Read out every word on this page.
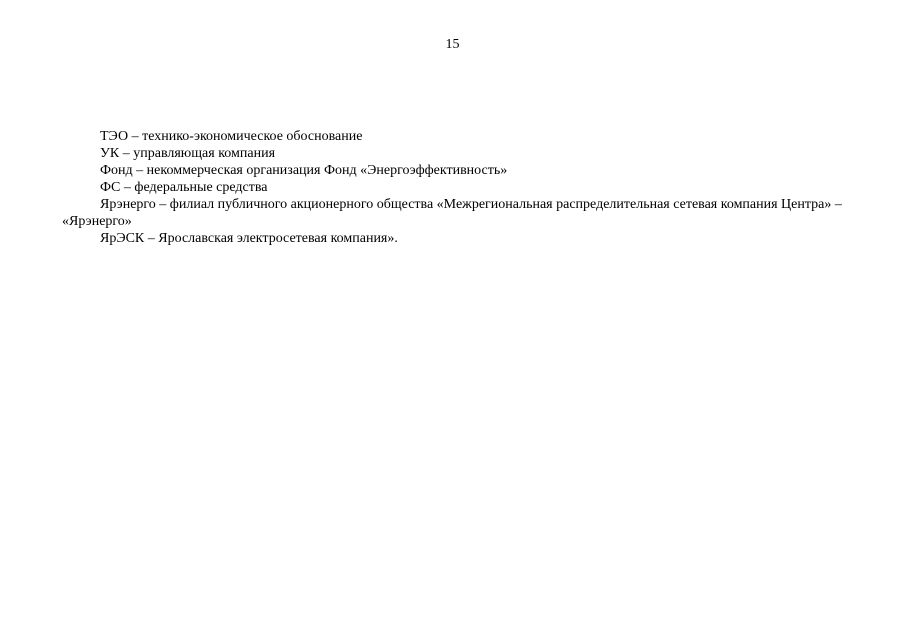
15

ТЭО – технико-экономическое обоснование

УК – управляющая компания

Фонд – некоммерческая организация Фонд «Энергоэффективность»

ФС – федеральные средства

Ярэнерго – филиал публичного акционерного общества «Межрегиональная распределительная сетевая компания Центра» – «Ярэнерго»

ЯрЭСК – Ярославская электросетевая компания».
